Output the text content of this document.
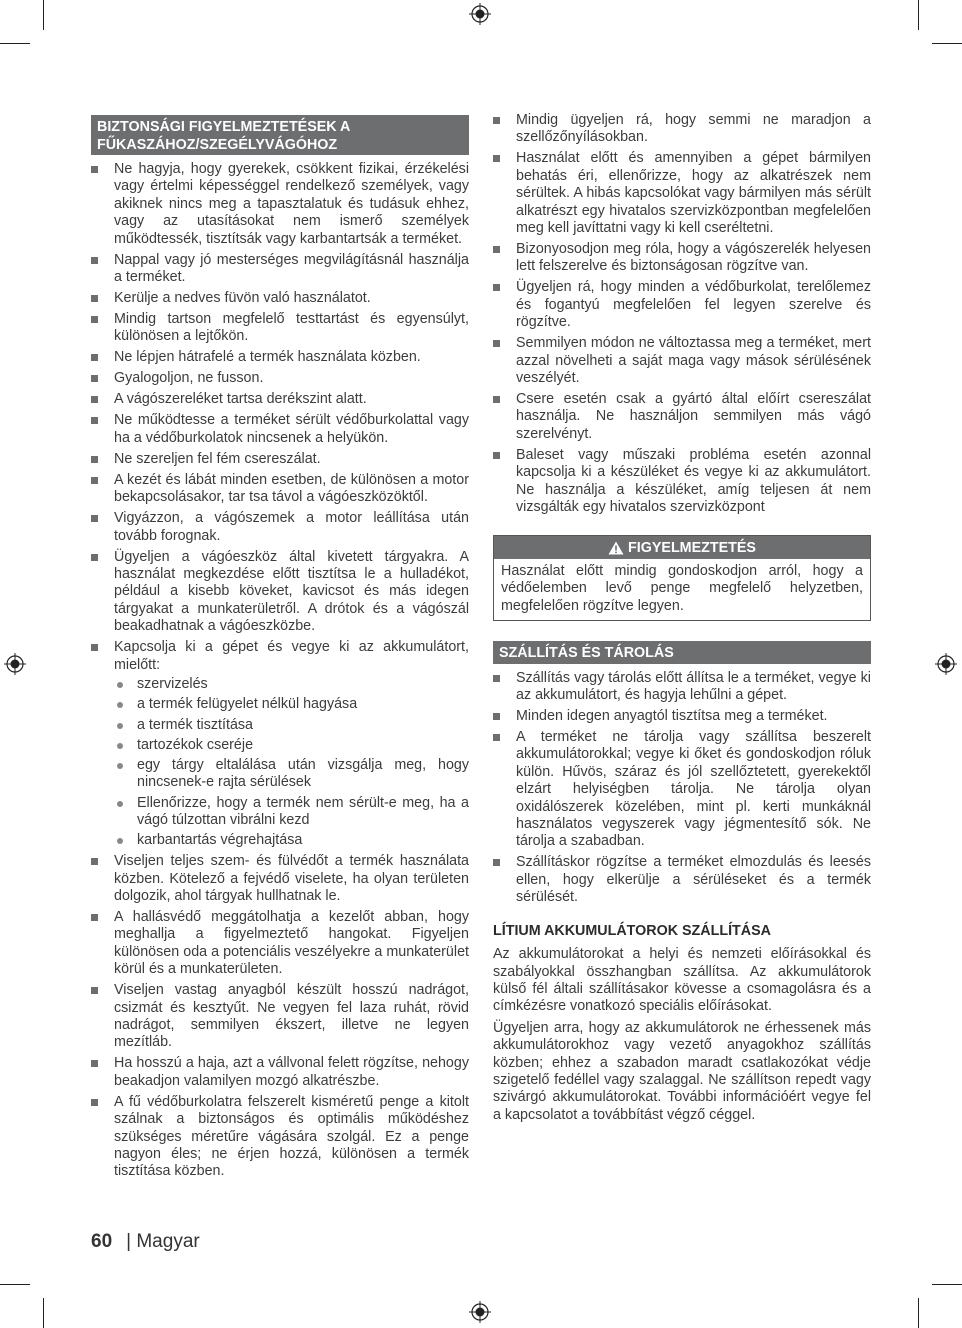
BIZTONSÁGI FIGYELMEZTETÉSEK A FŰKASZÁHOZ/SZEGÉLYVÁGÓHOZ
Ne hagyja, hogy gyerekek, csökkent fizikai, érzékelési vagy értelmi képességgel rendelkező személyek, vagy akiknek nincs meg a tapasztalatuk és tudásuk ehhez, vagy az utasításokat nem ismerő személyek működtessék, tisztítsák vagy karbantartsák a terméket.
Nappal vagy jó mesterséges megvilágításnál használja a terméket.
Kerülje a nedves füvön való használatot.
Mindig tartson megfelelő testtartást és egyensúlyt, különösen a lejtőkön.
Ne lépjen hátrafelé a termék használata közben.
Gyalogoljon, ne fusson.
A vágószereléket tartsa derékszint alatt.
Ne működtesse a terméket sérült védőburkolattal vagy ha a védőburkolatok nincsenek a helyükön.
Ne szereljen fel fém csereszálat.
A kezét és lábát minden esetben, de különösen a motor bekapcsolásakor, tar tsa távol a vágóeszközöktől.
Vigyázzon, a vágószemek a motor leállítása után tovább forognak.
Ügyeljen a vágóeszköz által kivetett tárgyakra. A használat megkezdése előtt tisztítsa le a hulladékot, például a kisebb köveket, kavicsot és más idegen tárgyakat a munkaterületről. A drótok és a vágószál beakadhatnak a vágóeszközbe.
Kapcsolja ki a gépet és vegye ki az akkumulátort, mielőtt:
szervizelés
a termék felügyelet nélkül hagyása
a termék tisztítása
tartozékok cseréje
egy tárgy eltalálása után vizsgálja meg, hogy nincsenek-e rajta sérülések
Ellenőrizze, hogy a termék nem sérült-e meg, ha a vágó túlzottan vibrálni kezd
karbantartás végrehajtása
Viseljen teljes szem- és fülvédőt a termék használata közben. Kötelező a fejvédő viselete, ha olyan területen dolgozik, ahol tárgyak hullhatnak le.
A hallásvédő meggátolhatja a kezelőt abban, hogy meghallja a figyelmeztető hangokat. Figyeljen különösen oda a potenciális veszélyekre a munkaterület körül és a munkaterületen.
Viseljen vastag anyagból készült hosszú nadrágot, csizmát és kesztyűt. Ne vegyen fel laza ruhát, rövid nadrágot, semmilyen ékszert, illetve ne legyen mezítláb.
Ha hosszú a haja, azt a vállvonal felett rögzítse, nehogy beakadjon valamilyen mozgó alkatrészbe.
A fű védőburkolatra felszerelt kisméretű penge a kitolt szálnak a biztonságos és optimális működéshez szükséges méretűre vágására szolgál. Ez a penge nagyon éles; ne érjen hozzá, különösen a termék tisztítása közben.
Mindig ügyeljen rá, hogy semmi ne maradjon a szellőzőnyílásokban.
Használat előtt és amennyiben a gépet bármilyen behatás éri, ellenőrizze, hogy az alkatrészek nem sérültek. A hibás kapcsolókat vagy bármilyen más sérült alkatrészt egy hivatalos szervizközpontban megfelelően meg kell javíttatni vagy ki kell cseréltetni.
Bizonyosodjon meg róla, hogy a vágószerelék helyesen lett felszerelve és biztonságosan rögzítve van.
Ügyeljen rá, hogy minden a védőburkolat, terelőlemez és fogantyú megfelelően fel legyen szerelve és rögzítve.
Semmilyen módon ne változtassa meg a terméket, mert azzal növelheti a saját maga vagy mások sérülésének veszélyét.
Csere esetén csak a gyártó által előírt csereszálat használja. Ne használjon semmilyen más vágó szerelvényt.
Baleset vagy műszaki probléma esetén azonnal kapcsolja ki a készüléket és vegye ki az akkumulátort. Ne használja a készüléket, amíg teljesen át nem vizsgálták egy hivatalos szervizközpont
FIGYELMEZTETÉS
Használat előtt mindig gondoskodjon arról, hogy a védőelemben levő penge megfelelő helyzetben, megfelelően rögzítve legyen.
SZÁLLÍTÁS ÉS TÁROLÁS
Szállítás vagy tárolás előtt állítsa le a terméket, vegye ki az akkumulátort, és hagyja lehűlni a gépet.
Minden idegen anyagtól tisztítsa meg a terméket.
A terméket ne tárolja vagy szállítsa beszerelt akkumulátorokkal; vegye ki őket és gondoskodjon róluk külön. Hűvös, száraz és jól szellőztetett, gyerekektől elzárt helyiségben tárolja. Ne tárolja olyan oxidálószerek közelében, mint pl. kerti munkáknál használatos vegyszerek vagy jégmentesítő sók. Ne tárolja a szabadban.
Szállításkor rögzítse a terméket elmozdulás és leesés ellen, hogy elkerülje a sérüléseket és a termék sérülését.
LÍTIUM AKKUMULÁTOROK SZÁLLÍTÁSA

Az akkumulátorokat a helyi és nemzeti előírásokkal és szabályokkal összhangban szállítsa. Az akkumulátorok külső fél általi szállításakor kövesse a csomagolásra és a címkézésre vonatkozó speciális előírásokat.

Ügyeljen arra, hogy az akkumulátorok ne érhessenek más akkumulátorokhoz vagy vezető anyagokhoz szállítás közben; ehhez a szabadon maradt csatlakozókat védje szigetelő fedéllel vagy szalaggal. Ne szállítson repedt vagy szivárgó akkumulátorokat. További információért vegye fel a kapcsolatot a továbbítást végző céggel.

60 | Magyar
